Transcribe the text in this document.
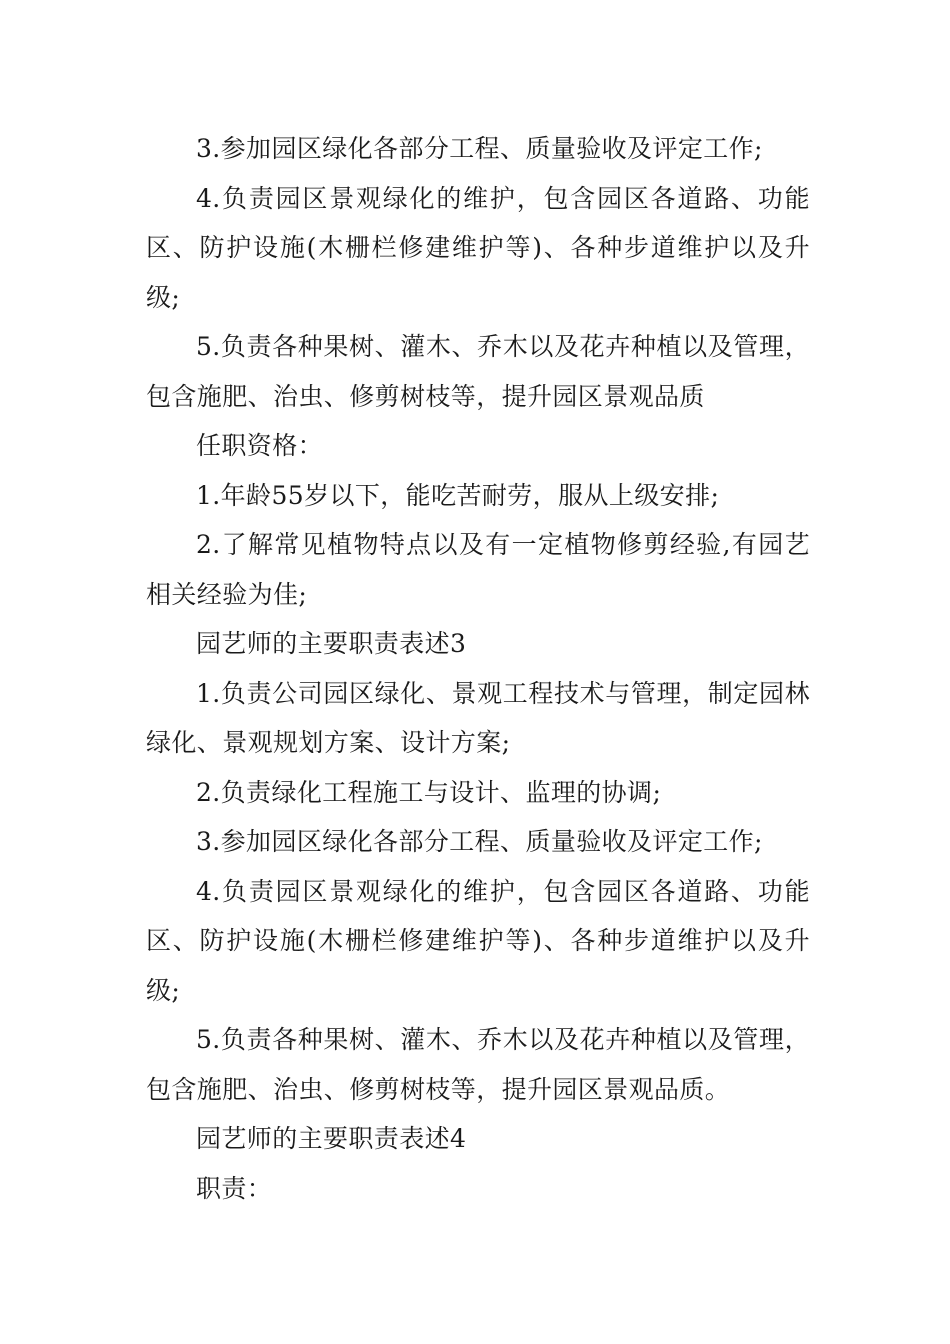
3.参加园区绿化各部分工程、质量验收及评定工作;

4.负责园区景观绿化的维护，包含园区各道路、功能区、防护设施(木栅栏修建维护等)、各种步道维护以及升级;

5.负责各种果树、灌木、乔木以及花卉种植以及管理，包含施肥、治虫、修剪树枝等，提升园区景观品质

任职资格：

1.年龄55岁以下，能吃苦耐劳，服从上级安排;

2.了解常见植物特点以及有一定植物修剪经验,有园艺相关经验为佳;

园艺师的主要职责表述3

1.负责公司园区绿化、景观工程技术与管理，制定园林绿化、景观规划方案、设计方案;

2.负责绿化工程施工与设计、监理的协调;

3.参加园区绿化各部分工程、质量验收及评定工作;

4.负责园区景观绿化的维护，包含园区各道路、功能区、防护设施(木栅栏修建维护等)、各种步道维护以及升级;

5.负责各种果树、灌木、乔木以及花卉种植以及管理，包含施肥、治虫、修剪树枝等，提升园区景观品质。

园艺师的主要职责表述4

职责：
